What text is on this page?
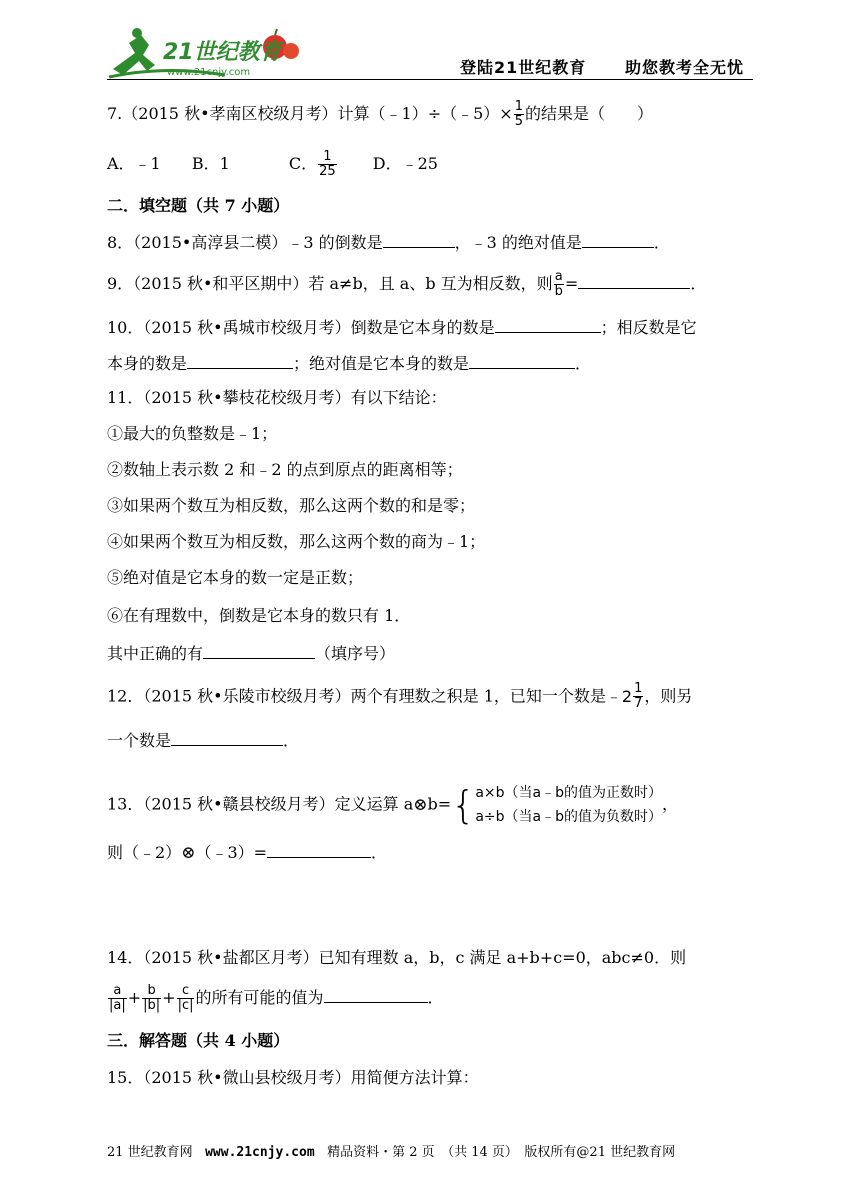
21世纪教育
www.21cnjy.com	登陆21世纪教育 助您教考全无忧
7.（2015 秋•孝南区校级月考）计算（﹣1）÷（﹣5）× $\frac{1}{5}$ 的结果是（　　）
A．﹣1 B．1	C． $\frac{1}{25}$ D．﹣25
二．填空题（共 7 小题）
8．（2015•高淳县二模）﹣3 的倒数是	，﹣3 的绝对值是	．
9．（2015 秋•和平区期中）若 a≠b，且 a、b 互为相反数，则 $\frac{a}{b}$ =	．
10．（2015 秋•禹城市校级月考）倒数是它本身的数是	；相反数是它
本身的数是	；绝对值是它本身的数是	．
11．（2015 秋•攀枝花校级月考）有以下结论：
①最大的负整数是﹣1；
②数轴上表示数 2 和﹣2 的点到原点的距离相等；
③如果两个数互为相反数，那么这两个数的和是零；
④如果两个数互为相反数，那么这两个数的商为﹣1；
⑤绝对值是它本身的数一定是正数；
⑥在有理数中，倒数是它本身的数只有 1．
其中正确的有	（填序号）
12．（2015 秋•乐陵市校级月考）两个有理数之积是 1，已知一个数是﹣ $2 \frac{1}{7}$ ，则另
一个数是	．
13．（2015 秋•赣县校级月考）定义运算 a⊗b={ a×b（当a﹣b的值为正数时）
a÷b（当a﹣b的值为负数时）
，
则（﹣2）⊗（﹣3）=	．
14．（2015 秋•盐都区月考）已知有理数 a，b，c 满足 a+b+c=0，abc≠0．则
$\frac{a}{|a|} + \frac{b}{|b|} + \frac{c}{|c|}$ 的所有可能的值为	．
三．解答题（共 4 小题）
15．（2015 秋•微山县校级月考）用简便方法计算：
21 世纪教育网 www.21cnjy.com 精品资料・第 2 页　（共 14 页）　版权所有@21 世纪教育网
